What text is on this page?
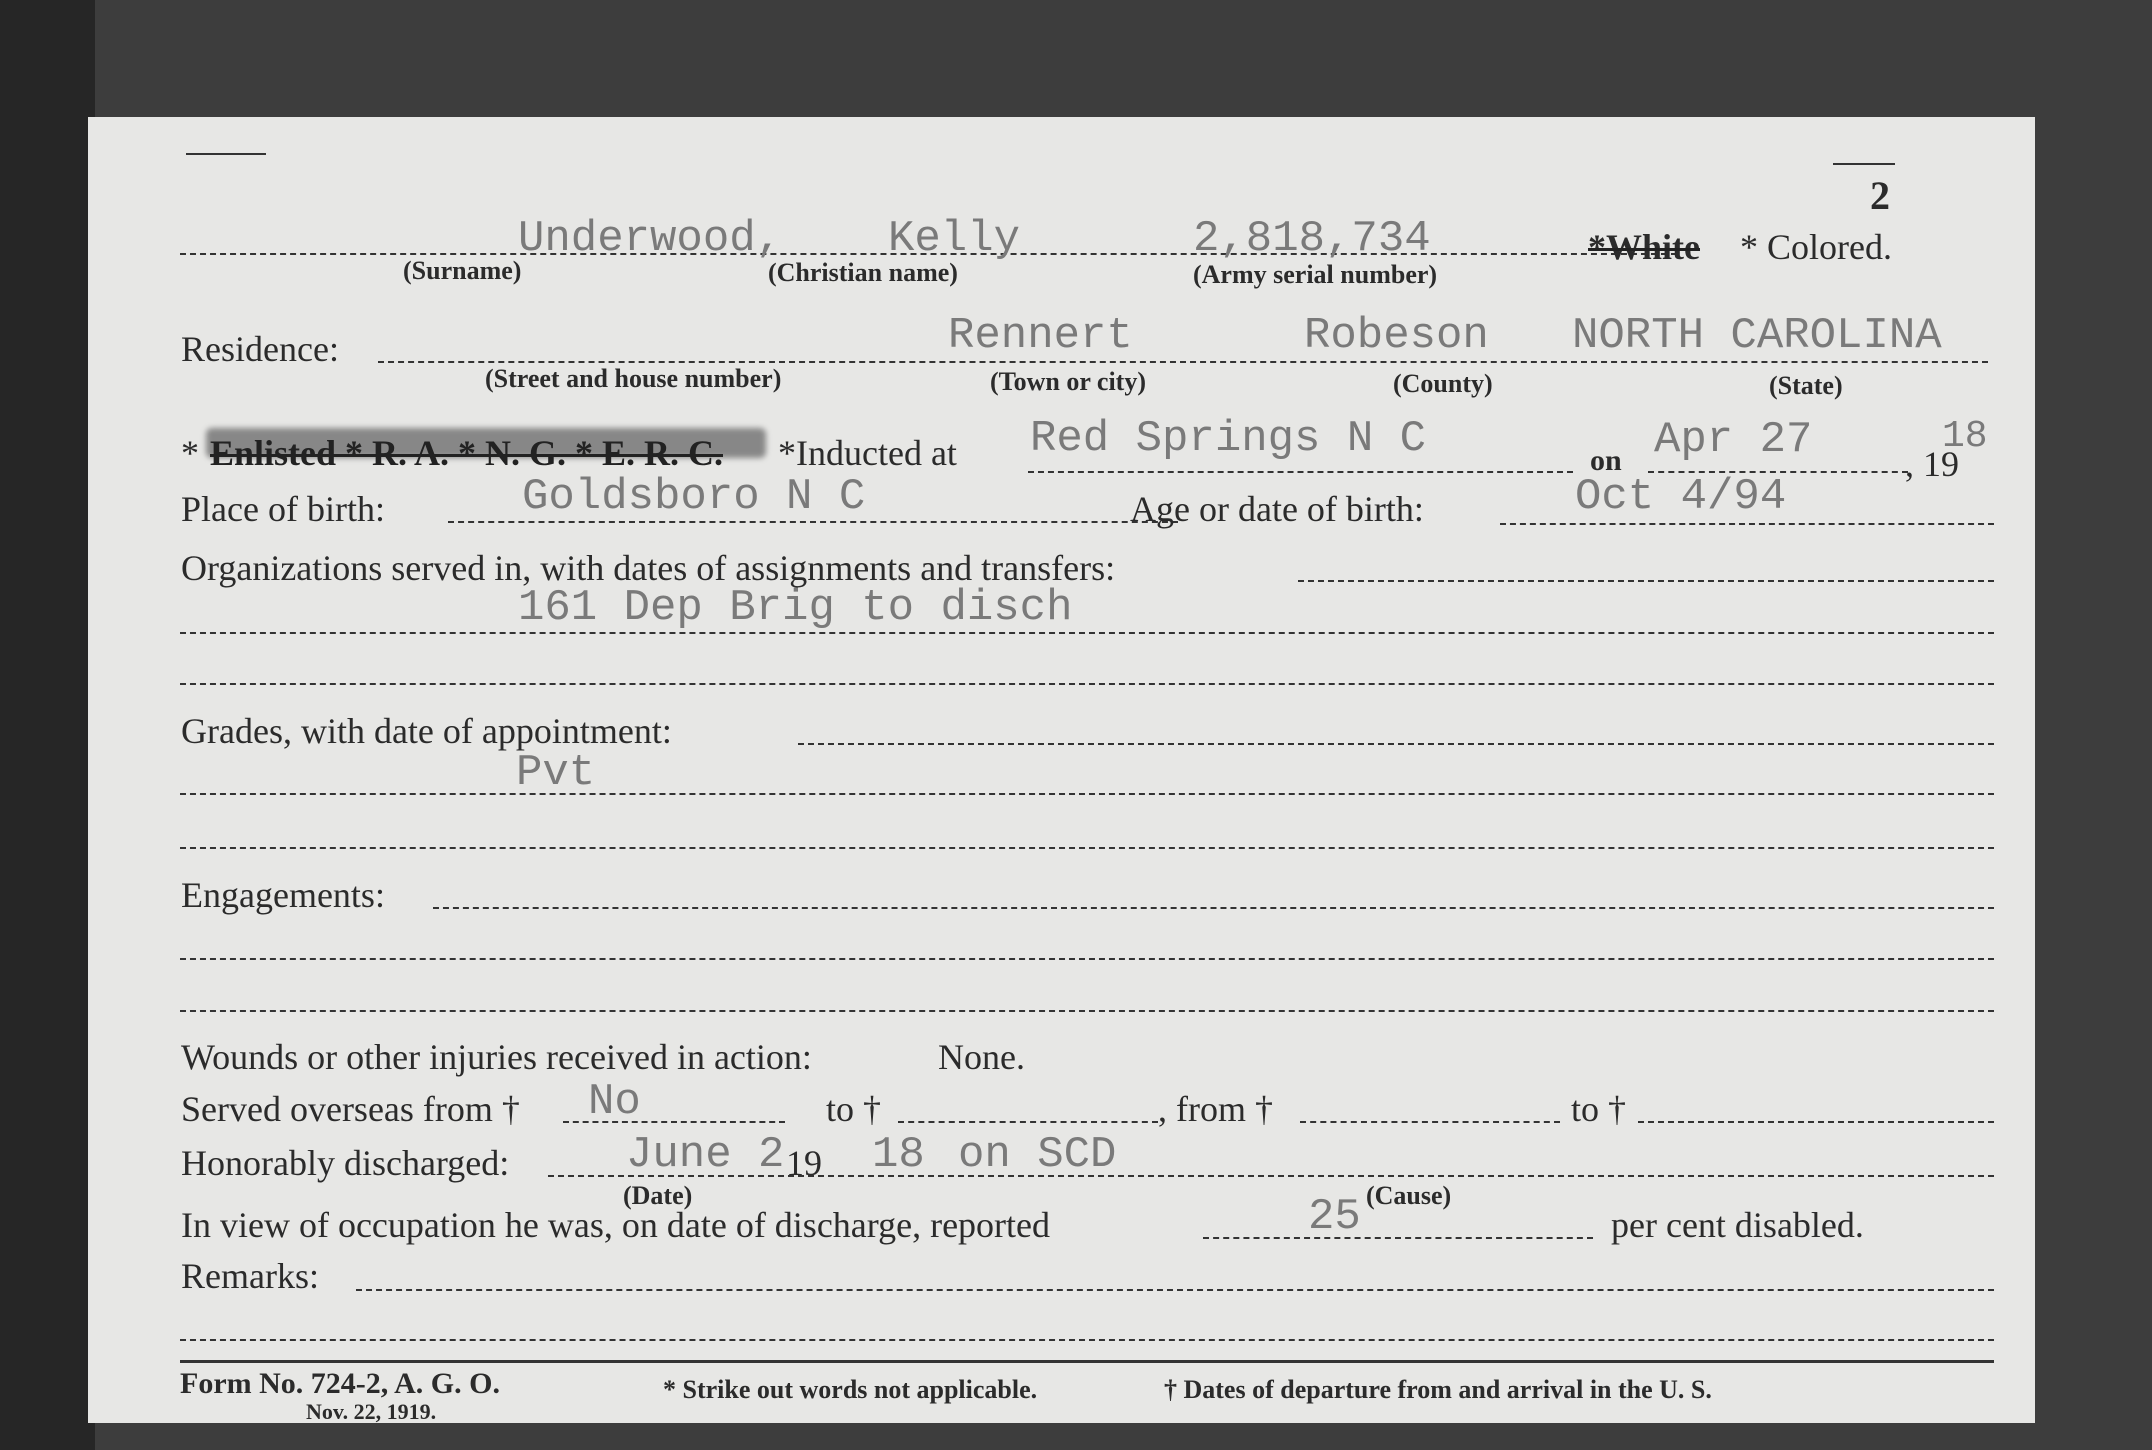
2
Underwood, Kelly	2,818,734	*White * Colored.
(Surname)	(Christian name)	(Army serial number)
Residence:	Rennert	Robeson NORTH CAROLINA
(Street and house number)	(Town or city)	(County)	(State)
* Enlisted * R. A. * N. G. * E. R. C. *Inducted at Red Springs N C	on Apr 27	, 19
18
Place of birth:	Goldsboro N C	Age or date of birth:	Oct 4/94
Organizations served in, with dates of assignments and transfers:
161 Dep Brig to disch
Grades, with date of appointment:
Pvt
Engagements:
Wounds or other injuries received in action:	None.
Served overseas from † No	to †	, from †	to †
Honorably discharged:	June 2 19 18 on SCD
(Date)	(Cause)
In view of occupation he was, on date of discharge, reported	25	per cent disabled.
Remarks:
Form No. 724-2, A. G. O.
Nov. 22, 1919.
* Strike out words not applicable.	† Dates of departure from and arrival in the U. S.
